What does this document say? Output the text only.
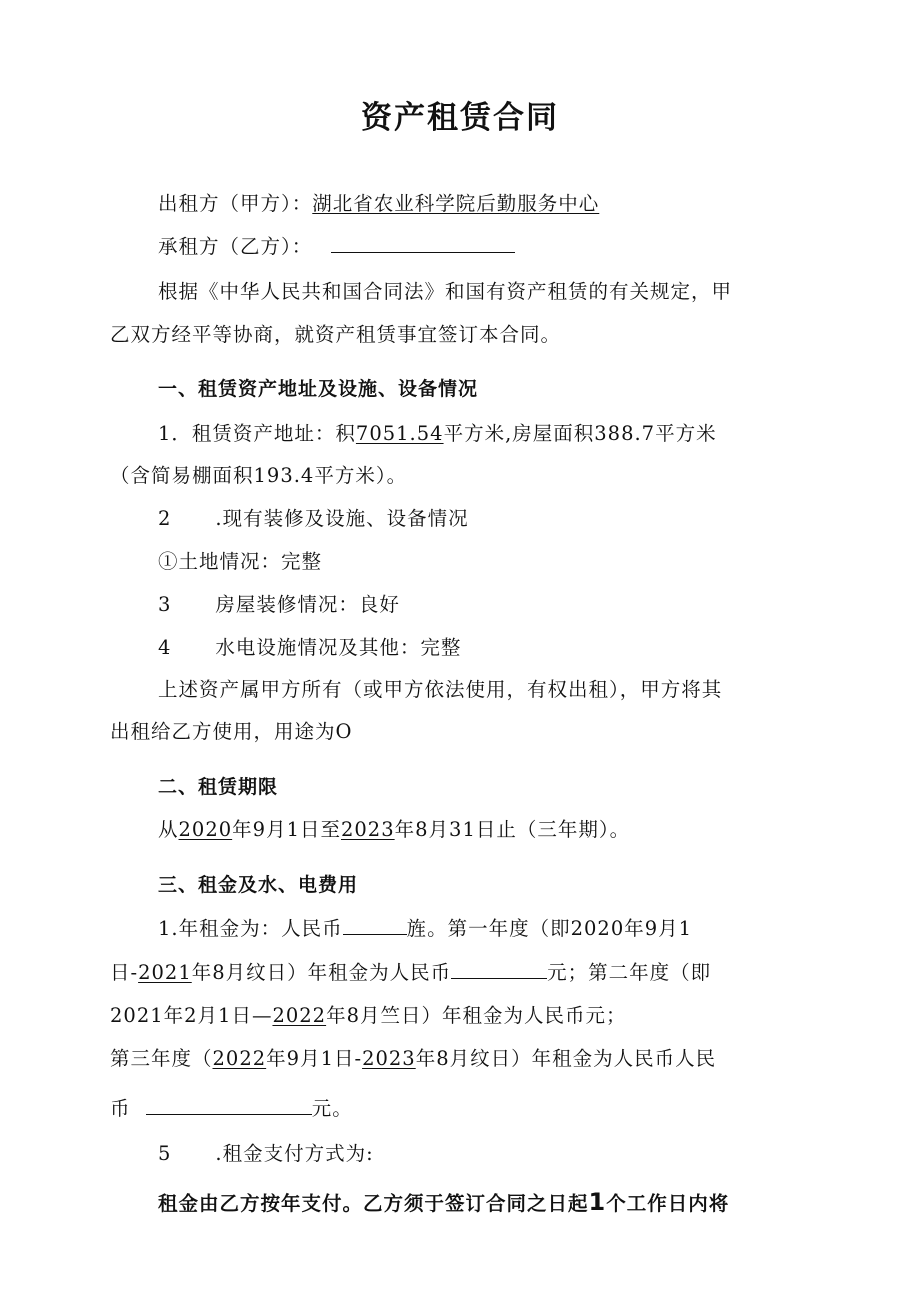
资产租赁合同
出租方（甲方）：湖北省农业科学院后勤服务中心
承租方（乙方）：
根据《中华人民共和国合同法》和国有资产租赁的有关规定，甲
乙双方经平等协商，就资产租赁事宜签订本合同。
一、租赁资产地址及设施、设备情况
1．租赁资产地址：积7051.54平方米,房屋面积388.7平方米
（含简易棚面积193.4平方米）。
2 .现有装修及设施、设备情况
①土地情况：完整
3 房屋装修情况：良好
4 水电设施情况及其他：完整
上述资产属甲方所有（或甲方依法使用，有权出租），甲方将其
出租给乙方使用，用途为O
二、租赁期限
从2020年9月1日至2023年8月31日止（三年期）。
三、租金及水、电费用
1.年租金为：人民币	旌。第一年度（即2020年9月1
日-2021年8月纹日）年租金为人民币	元；第二年度（即
2021年2月1日—2022年8月竺日）年租金为人民币元；
第三年度（2022年9月1日-2023年8月纹日）年租金为人民币人民
币	元。
5 .租金支付方式为:
租金由乙方按年支付。乙方须于签订合同之日起1个工作日内将
